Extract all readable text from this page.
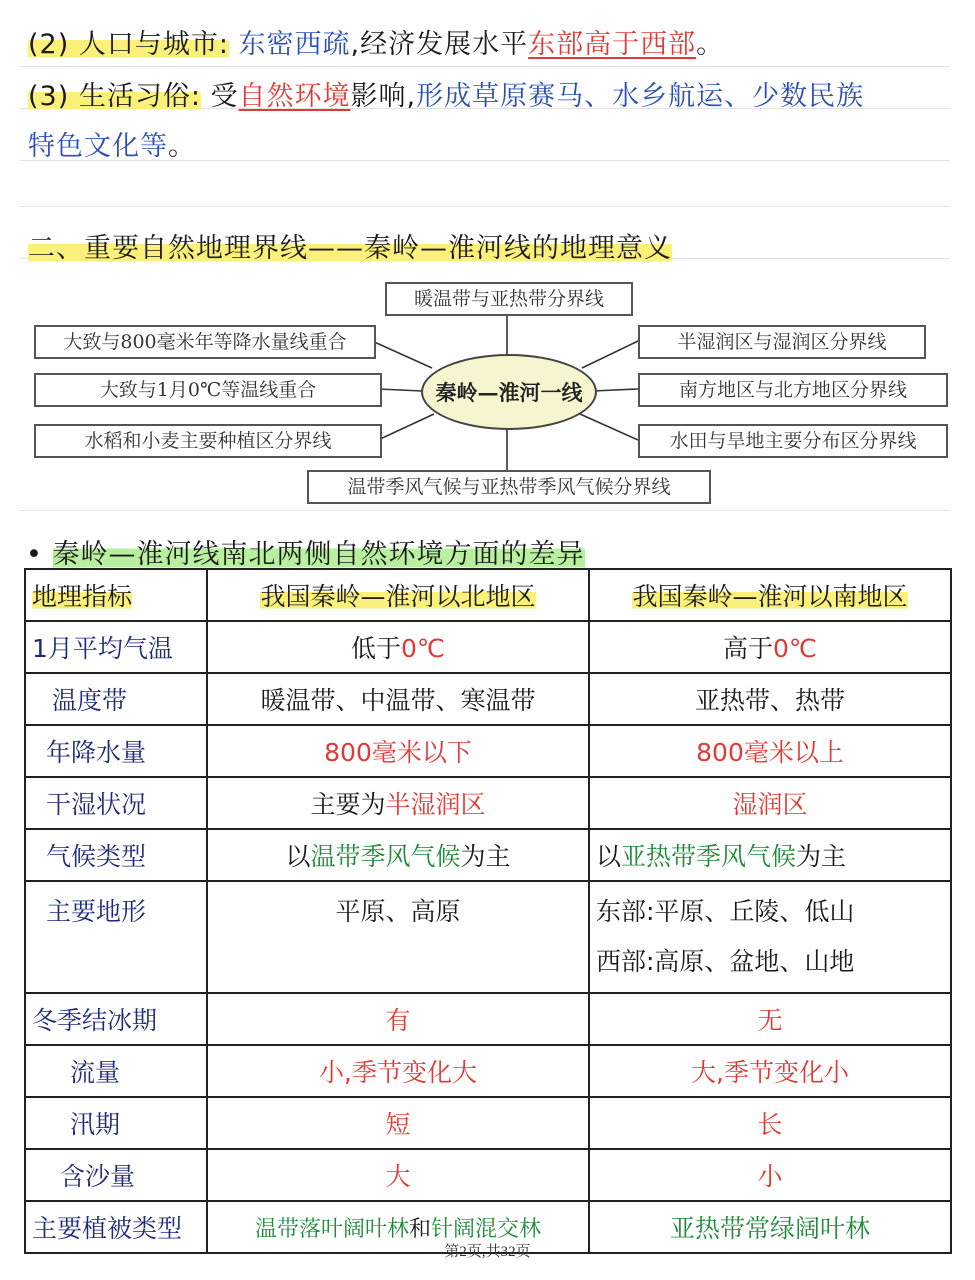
(2) 人口与城市: 东密西疏,经济发展水平东部高于西部。
(3) 生活习俗: 受自然环境影响,形成草原赛马、水乡航运、少数民族
特色文化等。
二、重要自然地理界线——秦岭—淮河线的地理意义
秦岭—淮河一线
暖温带与亚热带分界线
大致与800毫米年等降水量线重合
大致与1月0℃等温线重合
水稻和小麦主要种植区分界线
半湿润区与湿润区分界线
南方地区与北方地区分界线
水田与旱地主要分布区分界线
温带季风气候与亚热带季风气候分界线
• 秦岭—淮河线南北两侧自然环境方面的差异
地理指标	我国秦岭—淮河以北地区	我国秦岭—淮河以南地区
1月平均气温	低于0℃	高于0℃
温度带	暖温带、中温带、寒温带	亚热带、热带
年降水量	800毫米以下	800毫米以上
干湿状况	主要为半湿润区	湿润区
气候类型	以温带季风气候为主	以亚热带季风气候为主
主要地形	平原、高原	东部:平原、丘陵、低山
西部:高原、盆地、山地

冬季结冰期	有	无
流量	小,季节变化大	大,季节变化小
汛期	短	长
含沙量	大	小
主要植被类型	温带落叶阔叶林和针阔混交林	亚热带常绿阔叶林
第2页,共32页
